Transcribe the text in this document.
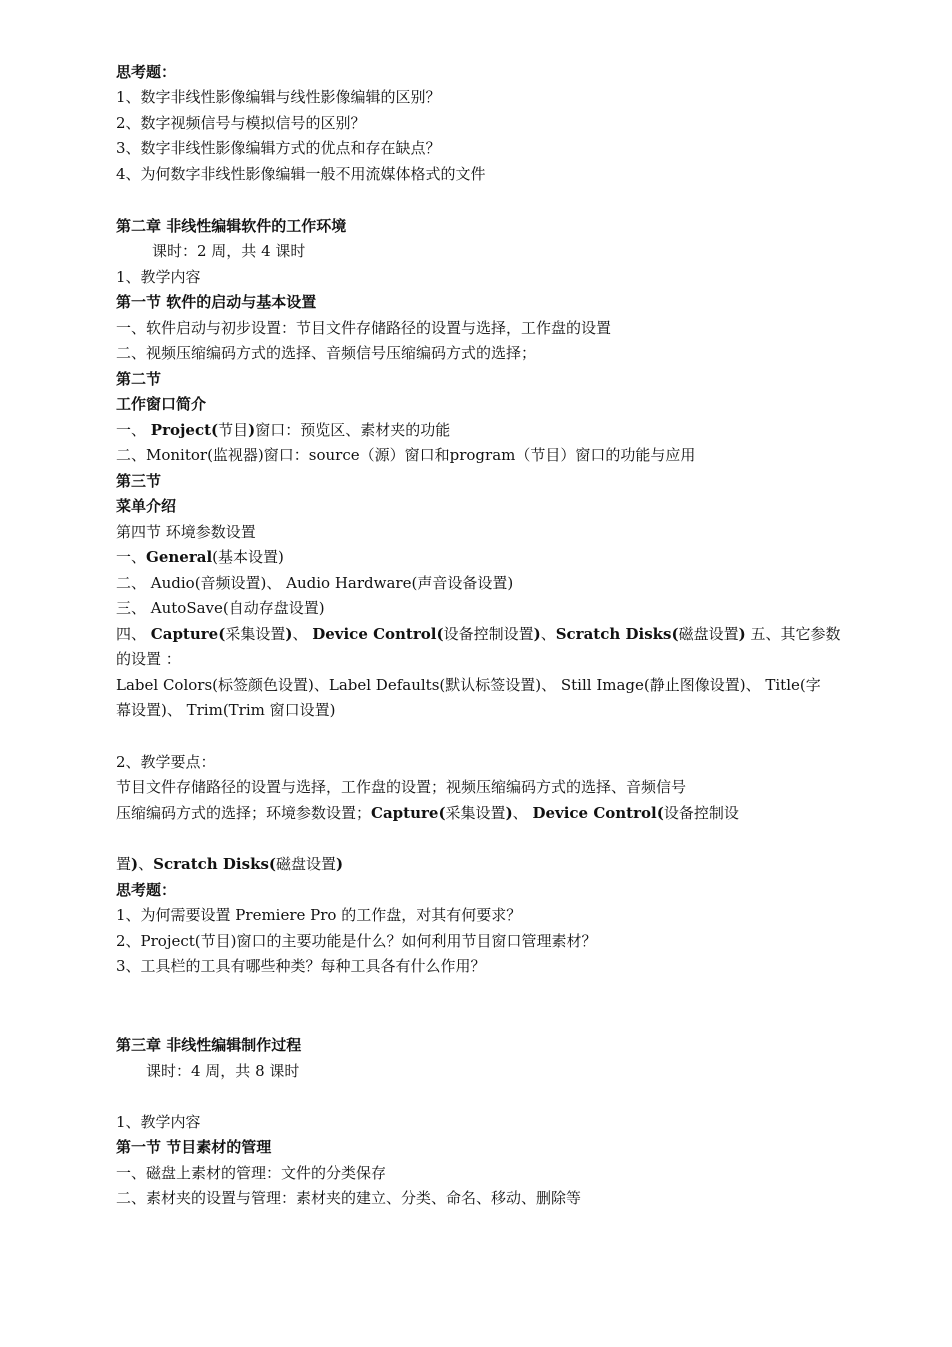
思考题：
1、数字非线性影像编辑与线性影像编辑的区别？
2、数字视频信号与模拟信号的区别？
3、数字非线性影像编辑方式的优点和存在缺点？
4、为何数字非线性影像编辑一般不用流媒体格式的文件
第二章 非线性编辑软件的工作环境
课时：2 周，共 4 课时
1、教学内容
第一节 软件的启动与基本设置
一、软件启动与初步设置：节目文件存储路径的设置与选择，工作盘的设置
二、视频压缩编码方式的选择、音频信号压缩编码方式的选择；
第二节
工作窗口简介
一、 Project(节目)窗口：预览区、素材夹的功能
二、Monitor(监视器)窗口：source（源）窗口和program（节目）窗口的功能与应用
第三节
菜单介绍
第四节 环境参数设置
一、General(基本设置)
二、 Audio(音频设置)、 Audio Hardware(声音设备设置)
三、 AutoSave(自动存盘设置)
四、 Capture(采集设置)、 Device Control(设备控制设置)、Scratch Disks(磁盘设置) 五、其它参数
的设置 ：
Label Colors(标签颜色设置)、Label Defaults(默认标签设置)、 Still Image(静止图像设置)、 Title(字
幕设置)、 Trim(Trim 窗口设置)
2、教学要点：
节目文件存储路径的设置与选择，工作盘的设置；视频压缩编码方式的选择、音频信号
压缩编码方式的选择；环境参数设置；Capture(采集设置)、 Device Control(设备控制设
置)、Scratch Disks(磁盘设置)
思考题：
1、为何需要设置 Premiere Pro 的工作盘，对其有何要求？
2、Project(节目)窗口的主要功能是什么？如何利用节目窗口管理素材？
3、工具栏的工具有哪些种类？每种工具各有什么作用？
第三章 非线性编辑制作过程
课时：4 周，共 8 课时
1、教学内容
第一节 节目素材的管理
一、磁盘上素材的管理：文件的分类保存
二、素材夹的设置与管理：素材夹的建立、分类、命名、移动、删除等
